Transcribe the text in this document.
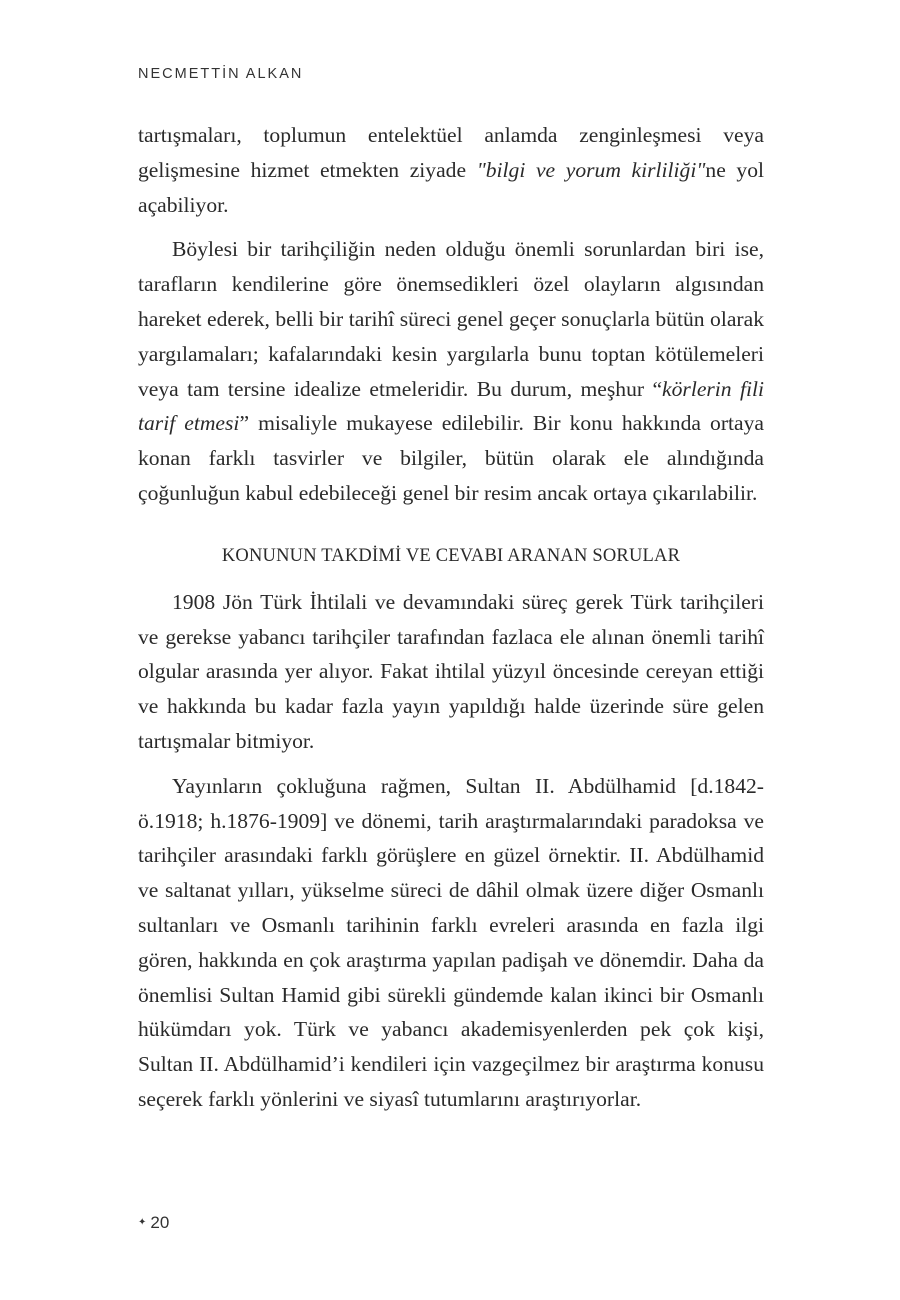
NECMETTİN ALKAN

tartışmaları, toplumun entelektüel anlamda zenginleşmesi veya gelişmesine hizmet etmekten ziyade "bilgi ve yorum kirliliği"ne yol açabiliyor.

Böylesi bir tarihçiliğin neden olduğu önemli sorunlardan biri ise, tarafların kendilerine göre önemsedikleri özel olayların algısından hareket ederek, belli bir tarihî süreci genel geçer sonuçlarla bütün olarak yargılamaları; kafalarındaki kesin yargılarla bunu toptan kötülemeleri veya tam tersine idealize etmeleridir. Bu durum, meşhur “körlerin fili tarif etmesi” misaliyle mukayese edilebilir. Bir konu hakkında ortaya konan farklı tasvirler ve bilgiler, bütün olarak ele alındığında çoğunluğun kabul edebileceği genel bir resim ancak ortaya çıkarılabilir.

KONUNUN TAKDİMİ VE CEVABI ARANAN SORULAR

1908 Jön Türk İhtilali ve devamındaki süreç gerek Türk tarihçileri ve gerekse yabancı tarihçiler tarafından fazlaca ele alınan önemli tarihî olgular arasında yer alıyor. Fakat ihtilal yüzyıl öncesinde cereyan ettiği ve hakkında bu kadar fazla yayın yapıldığı halde üzerinde süre gelen tartışmalar bitmiyor.

Yayınların çokluğuna rağmen, Sultan II. Abdülhamid [d.1842-ö.1918; h.1876-1909] ve dönemi, tarih araştırmalarındaki paradoksa ve tarihçiler arasındaki farklı görüşlere en güzel örnektir. II. Abdülhamid ve saltanat yılları, yükselme süreci de dâhil olmak üzere diğer Osmanlı sultanları ve Osmanlı tarihinin farklı evreleri arasında en fazla ilgi gören, hakkında en çok araştırma yapılan padişah ve dönemdir. Daha da önemlisi Sultan Hamid gibi sürekli gündemde kalan ikinci bir Osmanlı hükümdarı yok. Türk ve yabancı akademisyenlerden pek çok kişi, Sultan II. Abdülhamid’i kendileri için vazgeçilmez bir araştırma konusu seçerek farklı yönlerini ve siyasî tutumlarını araştırıyorlar.

✦ 20
